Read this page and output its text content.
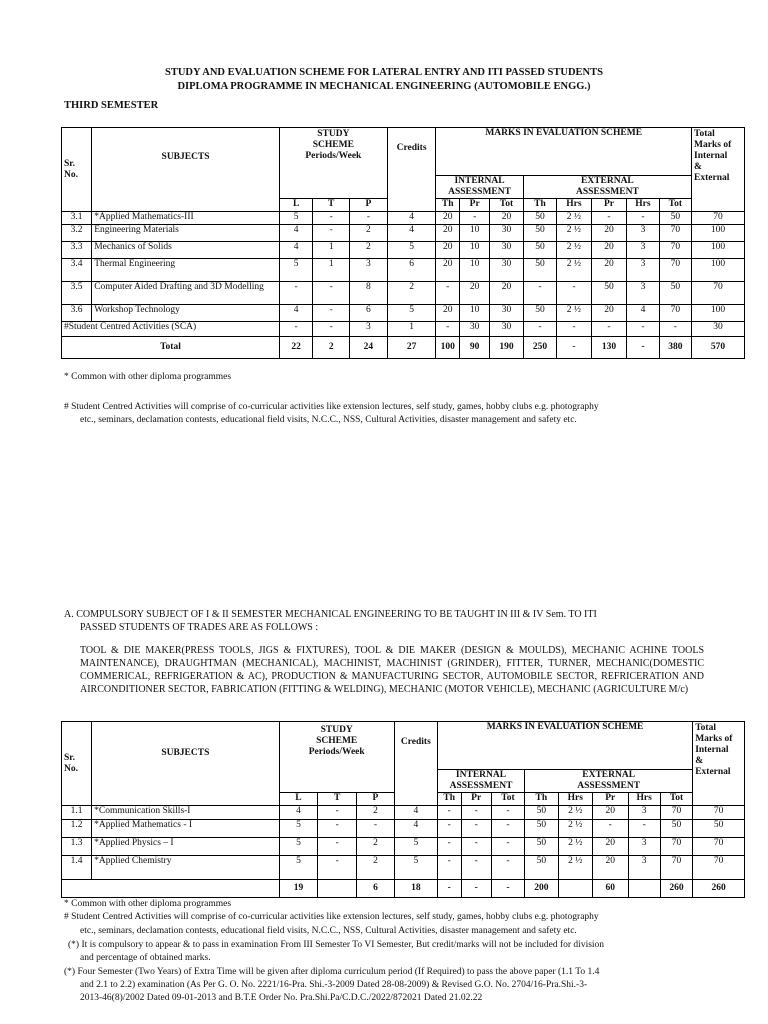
STUDY AND EVALUATION SCHEME FOR LATERAL ENTRY AND ITI PASSED STUDENTS
DIPLOMA PROGRAMME IN MECHANICAL ENGINEERING (AUTOMOBILE ENGG.)
THIRD SEMESTER
Sr.
No.	SUBJECTS	STUDY
SCHEME
Periods/Week			Credits	MARKS IN EVALUATION SCHEME								Total
Marks of
Internal
&
External
						INTERNAL
ASSESSMENT			EXTERNAL
ASSESSMENT					
		L	T	P		Th	Pr	Tot	Th	Hrs	Pr	Hrs	Tot	
3.1	*Applied Mathematics-III	5	-	-	4	20	-	20	50	2 ½	-	-	50	70
3.2	Engineering Materials	4	-	2	4	20	10	30	50	2 ½	20	3	70	100
3.3	Mechanics of Solids	4	1	2	5	20	10	30	50	2 ½	20	3	70	100
3.4	Thermal Engineering	5	1	3	6	20	10	30	50	2 ½	20	3	70	100
3.5	Computer Aided Drafting and 3D Modelling	-	-	8	2	-	20	20	-	-	50	3	50	70
3.6	Workshop Technology	4	-	6	5	20	10	30	50	2 ½	20	4	70	100
#Student Centred Activities (SCA)		-	-	3	1	-	30	30	-	-	-	-	-	30
Total		22	2	24	27	100	90	190	250	-	130	-	380	570
* Common with other diploma programmes
# Student Centred Activities will comprise of co-curricular activities like extension lectures, self study, games, hobby clubs e.g. photography
etc., seminars, declamation contests, educational field visits, N.C.C., NSS, Cultural Activities, disaster management and safety etc.
A. COMPULSORY SUBJECT OF I & II SEMESTER MECHANICAL ENGINEERING TO BE TAUGHT IN III & IV Sem. TO ITI
PASSED STUDENTS OF TRADES ARE AS FOLLOWS :
TOOL & DIE MAKER(PRESS TOOLS, JIGS & FIXTURES), TOOL & DIE MAKER (DESIGN & MOULDS), MECHANIC ACHINE TOOLS MAINTENANCE), DRAUGHTMAN (MECHANICAL), MACHINIST, MACHINIST (GRINDER), FITTER, TURNER, MECHANIC(DOMESTIC COMMERICAL, REFRIGERATION & AC), PRODUCTION & MANUFACTURING SECTOR, AUTOMOBILE SECTOR, REFRICERATION AND AIRCONDITIONER SECTOR, FABRICATION (FITTING & WELDING), MECHANIC (MOTOR VEHICLE), MECHANIC (AGRICULTURE M/c)
Sr.
No.	SUBJECTS	STUDY
SCHEME
Periods/Week			Credits	MARKS IN EVALUATION SCHEME								Total
Marks of
Internal
&
External
						INTERNAL
ASSESSMENT			EXTERNAL
ASSESSMENT					
		L	T	P		Th	Pr	Tot	Th	Hrs	Pr	Hrs	Tot	
1.1	*Communication Skills-I	4	-	2	4	-	-	-	50	2 ½	20	3	70	70
1.2	*Applied Mathematics - I	5	-	-	4	-	-	-	50	2 ½	-	-	50	50
1.3	*Applied Physics – I	5	-	2	5	-	-	-	50	2 ½	20	3	70	70
1.4	*Applied Chemistry	5	-	2	5	-	-	-	50	2 ½	20	3	70	70
		19		6	18	-	-	-	200		60		260	260
* Common with other diploma programmes
# Student Centred Activities will comprise of co-curricular activities like extension lectures, self study, games, hobby clubs e.g. photography
etc., seminars, declamation contests, educational field visits, N.C.C., NSS, Cultural Activities, disaster management and safety etc.
(*) It is compulsory to appear & to pass in examination From III Semester To VI Semester, But credit/marks will not be included for division
and percentage of obtained marks.
(*) Four Semester (Two Years) of Extra Time will be given after diploma curriculum period (If Required) to pass the above paper (1.1 To 1.4
and 2.1 to 2.2) examination (As Per G. O. No. 2221/16-Pra. Shi.-3-2009 Dated 28-08-2009) & Revised G.O. No. 2704/16-Pra.Shi.-3-
2013-46(8)/2002 Dated 09-01-2013 and B.T.E Order No. Pra.Shi.Pa/C.D.C./2022/872021 Dated 21.02.22
